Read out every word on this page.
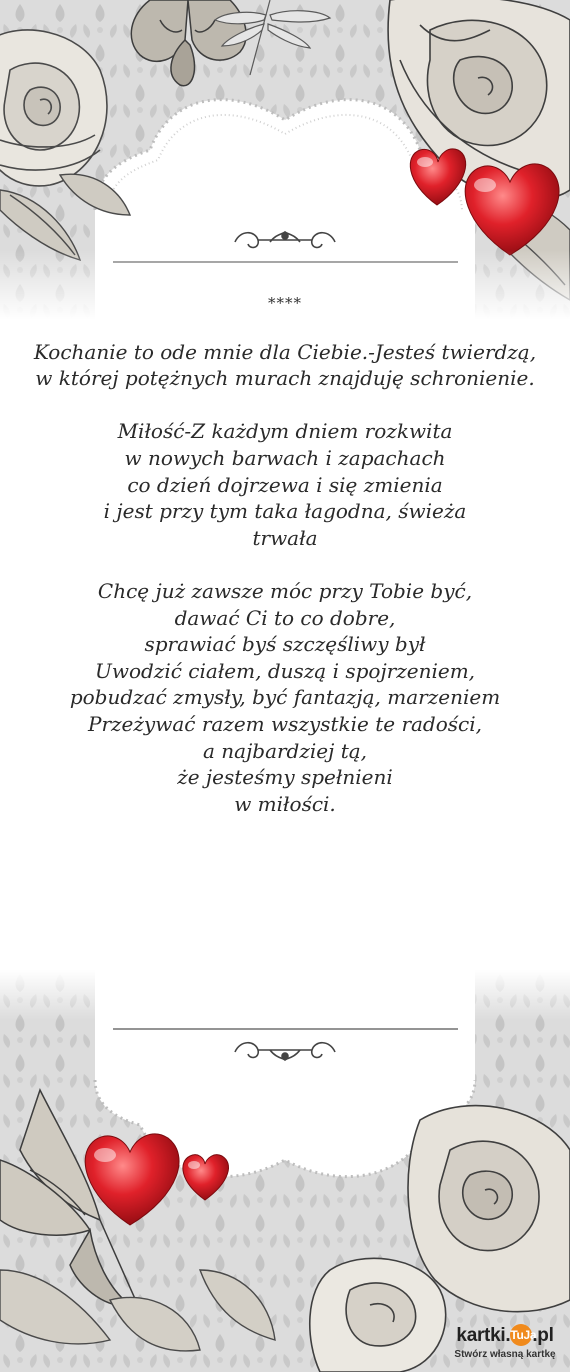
****
Kochanie to ode mnie dla Ciebie.-Jesteś twierdzą,
w której potężnych murach znajduję schronienie.
Miłość-Z każdym dniem rozkwita
w nowych barwach i zapachach
co dzień dojrzewa i się zmienia
i jest przy tym taka łagodna, świeża
trwała
Chcę już zawsze móc przy Tobie być,
dawać Ci to co dobre,
sprawiać byś szczęśliwy był
Uwodzić ciałem, duszą i spojrzeniem,
pobudzać zmysły, być fantazją, marzeniem
Przeżywać razem wszystkie te radości,
a najbardziej tą,
że jesteśmy spełnieni
w miłości.
kartki.TuJa.pl
Stwórz własną kartkę
